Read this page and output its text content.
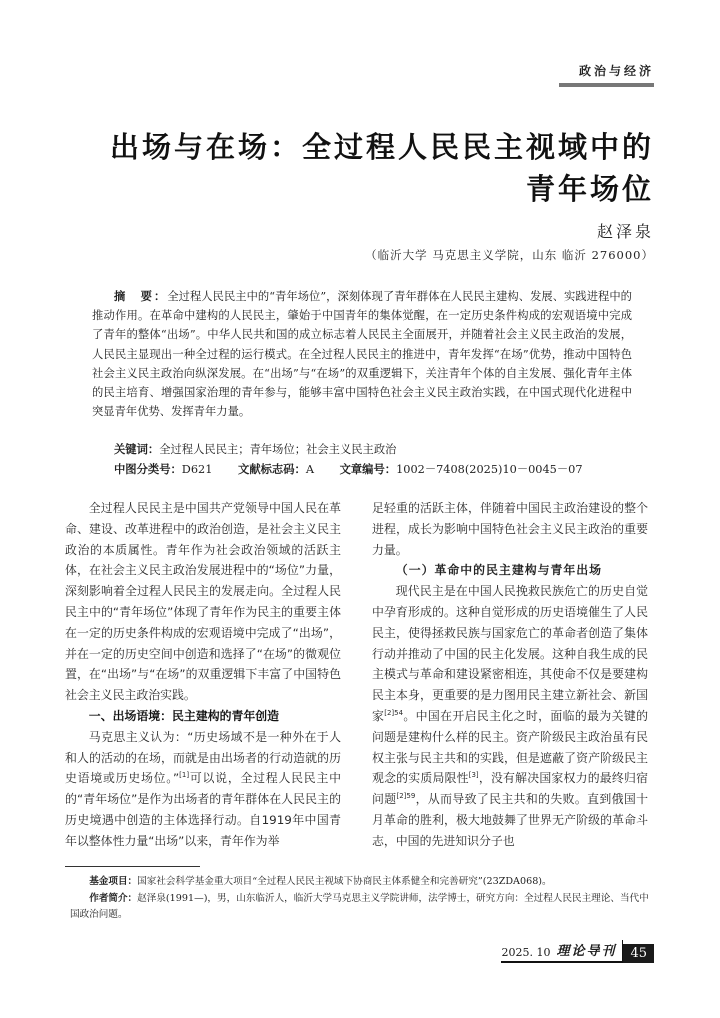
政治与经济
出场与在场：全过程人民民主视域中的
青年场位
赵泽泉
（临沂大学 马克思主义学院，山东 临沂 276000）
摘　要：全过程人民民主中的“青年场位”，深刻体现了青年群体在人民民主建构、发展、实践进程中的推动作用。在革命中建构的人民民主，肇始于中国青年的集体觉醒，在一定历史条件构成的宏观语境中完成了青年的整体“出场”。中华人民共和国的成立标志着人民民主全面展开，并随着社会主义民主政治的发展，人民民主显现出一种全过程的运行模式。在全过程人民民主的推进中，青年发挥“在场”优势，推动中国特色社会主义民主政治向纵深发展。在“出场”与“在场”的双重逻辑下，关注青年个体的自主发展、强化青年主体的民主培育、增强国家治理的青年参与，能够丰富中国特色社会主义民主政治实践，在中国式现代化进程中突显青年优势、发挥青年力量。
关键词：全过程人民民主；青年场位；社会主义民主政治
中图分类号：D621 文献标志码：A 文章编号：1002－7408(2025)10－0045－07

全过程人民民主是中国共产党领导中国人民在革命、建设、改革进程中的政治创造，是社会主义民主政治的本质属性。青年作为社会政治领域的活跃主体，在社会主义民主政治发展进程中的“场位”力量，深刻影响着全过程人民民主的发展走向。全过程人民民主中的“青年场位”体现了青年作为民主的重要主体在一定的历史条件构成的宏观语境中完成了“出场”，并在一定的历史空间中创造和选择了“在场”的微观位置，在“出场”与“在场”的双重逻辑下丰富了中国特色社会主义民主政治实践。

一、出场语境：民主建构的青年创造

马克思主义认为：“历史场域不是一种外在于人和人的活动的在场，而就是由出场者的行动造就的历史语境或历史场位。”[1]可以说，全过程人民民主中的“青年场位”是作为出场者的青年群体在人民民主的历史境遇中创造的主体选择行动。自1919年中国青年以整体性力量“出场”以来，青年作为举

足轻重的活跃主体，伴随着中国民主政治建设的整个进程，成长为影响中国特色社会主义民主政治的重要力量。

（一）革命中的民主建构与青年出场

现代民主是在中国人民挽救民族危亡的历史自觉中孕育形成的。这种自觉形成的历史语境催生了人民民主，使得拯救民族与国家危亡的革命者创造了集体行动并推动了中国的民主化发展。这种自我生成的民主模式与革命和建设紧密相连，其使命不仅是要建构民主本身，更重要的是力图用民主建立新社会、新国家$^{[2]54}$。中国在开启民主化之时，面临的最为关键的问题是建构什么样的民主。资产阶级民主政治虽有民权主张与民主共和的实践，但是遮蔽了资产阶级民主观念的实质局限性[3]，没有解决国家权力的最终归宿问题$^{[2]59}$，从而导致了民主共和的失败。直到俄国十月革命的胜利，极大地鼓舞了世界无产阶级的革命斗志，中国的先进知识分子也

基金项目：国家社会科学基金重大项目“全过程人民民主视域下协商民主体系健全和完善研究”(23ZDA068)。
作者简介：赵泽泉(1991—)，男，山东临沂人，临沂大学马克思主义学院讲师，法学博士，研究方向：全过程人民民主理论、当代中国政治问题。
2025. 10 理论导刊	45
